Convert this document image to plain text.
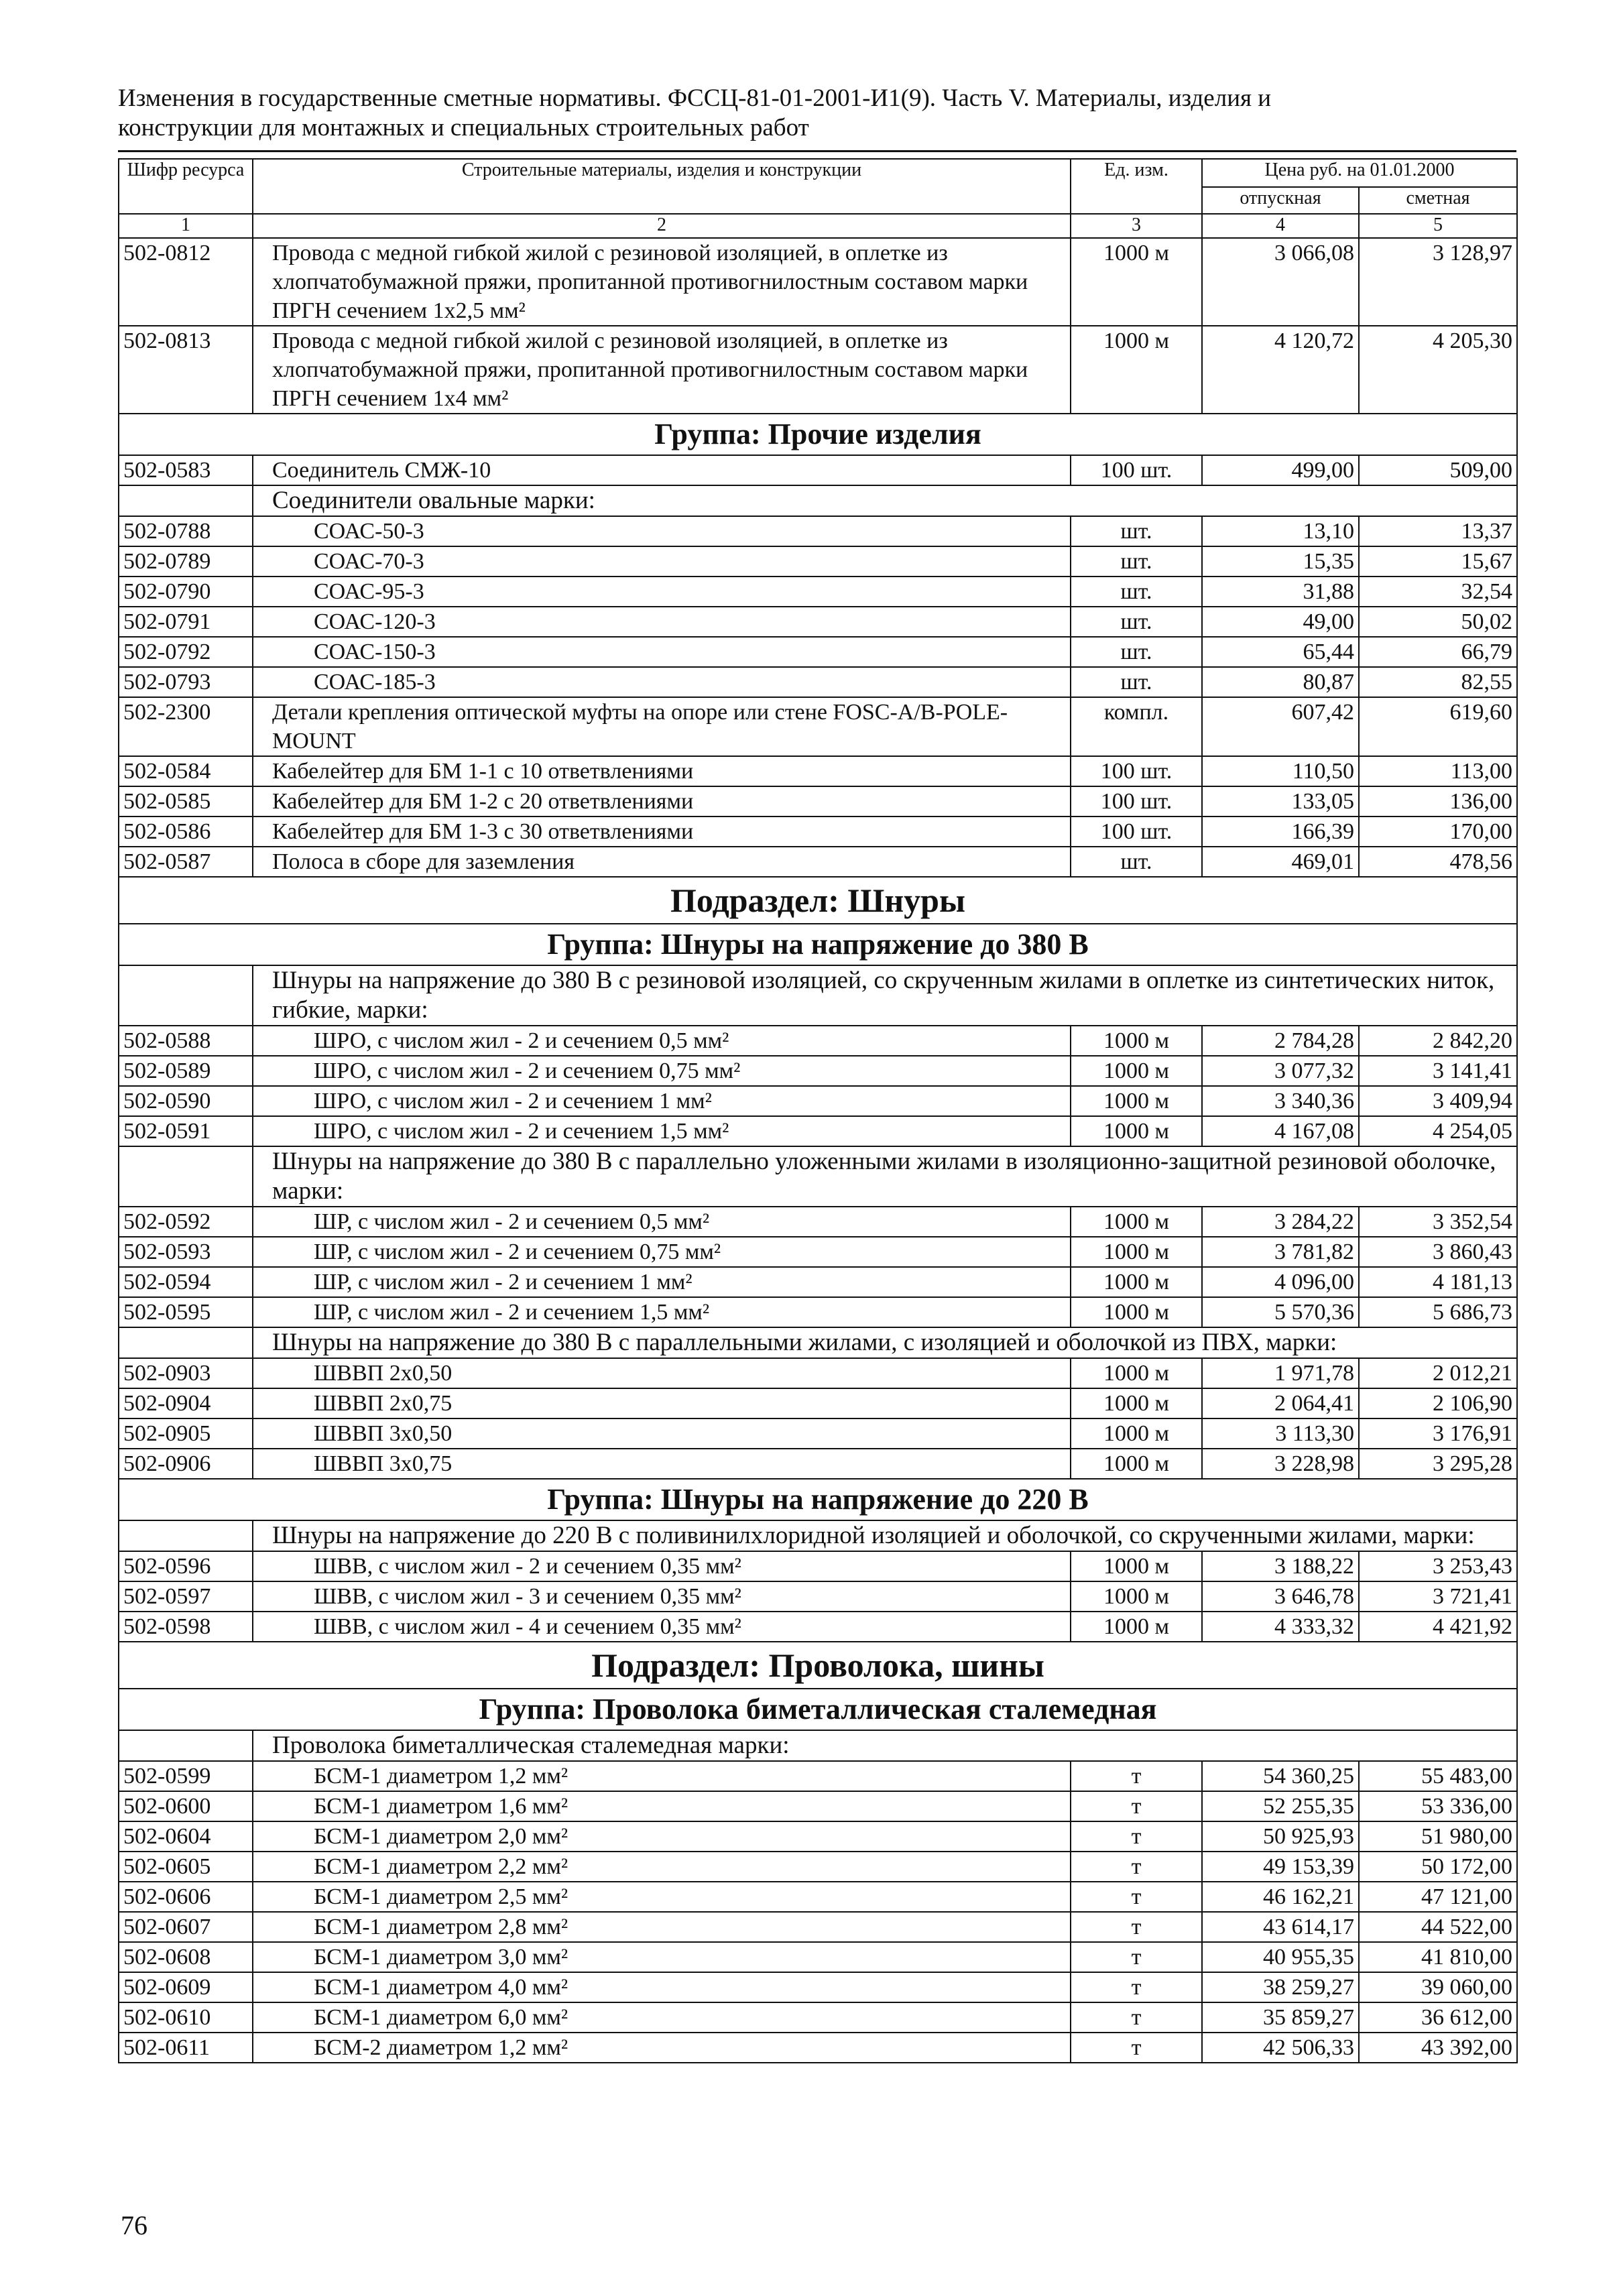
Изменения в государственные сметные нормативы. ФССЦ-81-01-2001-И1(9). Часть V. Материалы, изделия и
конструкции для монтажных и специальных строительных работ
Шифр ресурса	Строительные материалы, изделия и конструкции	Ед. изм.	Цена руб. на 01.01.2000	
			отпускная	сметная
1	2	3	4	5
502-0812	Провода с медной гибкой жилой с резиновой изоляцией, в оплетке из хлопчатобумажной пряжи, пропитанной противогнилостным составом марки ПРГН сечением 1х2,5 мм²	1000 м	3 066,08	3 128,97
502-0813	Провода с медной гибкой жилой с резиновой изоляцией, в оплетке из хлопчатобумажной пряжи, пропитанной противогнилостным составом марки ПРГН сечением 1х4 мм²	1000 м	4 120,72	4 205,30
Группа: Прочие изделия				
502-0583	Соединитель СМЖ-10	100 шт.	499,00	509,00
	Соединители овальные марки:			
502-0788	СОАС-50-3	шт.	13,10	13,37
502-0789	СОАС-70-3	шт.	15,35	15,67
502-0790	СОАС-95-3	шт.	31,88	32,54
502-0791	СОАС-120-3	шт.	49,00	50,02
502-0792	СОАС-150-3	шт.	65,44	66,79
502-0793	СОАС-185-3	шт.	80,87	82,55
502-2300	Детали крепления оптической муфты на опоре или стене FOSC-A/B-POLE-MOUNT	компл.	607,42	619,60
502-0584	Кабелейтер для БМ 1-1 с 10 ответвлениями	100 шт.	110,50	113,00
502-0585	Кабелейтер для БМ 1-2 с 20 ответвлениями	100 шт.	133,05	136,00
502-0586	Кабелейтер для БМ 1-3 с 30 ответвлениями	100 шт.	166,39	170,00
502-0587	Полоса в сборе для заземления	шт.	469,01	478,56
Подраздел: Шнуры				
Группа: Шнуры на напряжение до 380 В				
	Шнуры на напряжение до 380 В с резиновой изоляцией, со скрученным жилами в оплетке из синтетических ниток, гибкие, марки:			
502-0588	ШРО, с числом жил - 2 и сечением 0,5 мм²	1000 м	2 784,28	2 842,20
502-0589	ШРО, с числом жил - 2 и сечением 0,75 мм²	1000 м	3 077,32	3 141,41
502-0590	ШРО, с числом жил - 2 и сечением 1 мм²	1000 м	3 340,36	3 409,94
502-0591	ШРО, с числом жил - 2 и сечением 1,5 мм²	1000 м	4 167,08	4 254,05
	Шнуры на напряжение до 380 В с параллельно уложенными жилами в изоляционно-защитной резиновой оболочке, марки:			
502-0592	ШР, с числом жил - 2 и сечением 0,5 мм²	1000 м	3 284,22	3 352,54
502-0593	ШР, с числом жил - 2 и сечением 0,75 мм²	1000 м	3 781,82	3 860,43
502-0594	ШР, с числом жил - 2 и сечением 1 мм²	1000 м	4 096,00	4 181,13
502-0595	ШР, с числом жил - 2 и сечением 1,5 мм²	1000 м	5 570,36	5 686,73
	Шнуры на напряжение до 380 В с параллельными жилами, с изоляцией и оболочкой из ПВХ, марки:			
502-0903	ШВВП 2х0,50	1000 м	1 971,78	2 012,21
502-0904	ШВВП 2х0,75	1000 м	2 064,41	2 106,90
502-0905	ШВВП 3х0,50	1000 м	3 113,30	3 176,91
502-0906	ШВВП 3х0,75	1000 м	3 228,98	3 295,28
Группа: Шнуры на напряжение до 220 В				
	Шнуры на напряжение до 220 В с поливинилхлоридной изоляцией и оболочкой, со скрученными жилами, марки:			
502-0596	ШВВ, с числом жил - 2 и сечением 0,35 мм²	1000 м	3 188,22	3 253,43
502-0597	ШВВ, с числом жил - 3 и сечением 0,35 мм²	1000 м	3 646,78	3 721,41
502-0598	ШВВ, с числом жил - 4 и сечением 0,35 мм²	1000 м	4 333,32	4 421,92
Подраздел: Проволока, шины				
Группа: Проволока биметаллическая сталемедная				
	Проволока биметаллическая сталемедная марки:			
502-0599	БСМ-1 диаметром 1,2 мм²	т	54 360,25	55 483,00
502-0600	БСМ-1 диаметром 1,6 мм²	т	52 255,35	53 336,00
502-0604	БСМ-1 диаметром 2,0 мм²	т	50 925,93	51 980,00
502-0605	БСМ-1 диаметром 2,2 мм²	т	49 153,39	50 172,00
502-0606	БСМ-1 диаметром 2,5 мм²	т	46 162,21	47 121,00
502-0607	БСМ-1 диаметром 2,8 мм²	т	43 614,17	44 522,00
502-0608	БСМ-1 диаметром 3,0 мм²	т	40 955,35	41 810,00
502-0609	БСМ-1 диаметром 4,0 мм²	т	38 259,27	39 060,00
502-0610	БСМ-1 диаметром 6,0 мм²	т	35 859,27	36 612,00
502-0611	БСМ-2 диаметром 1,2 мм²	т	42 506,33	43 392,00
76
